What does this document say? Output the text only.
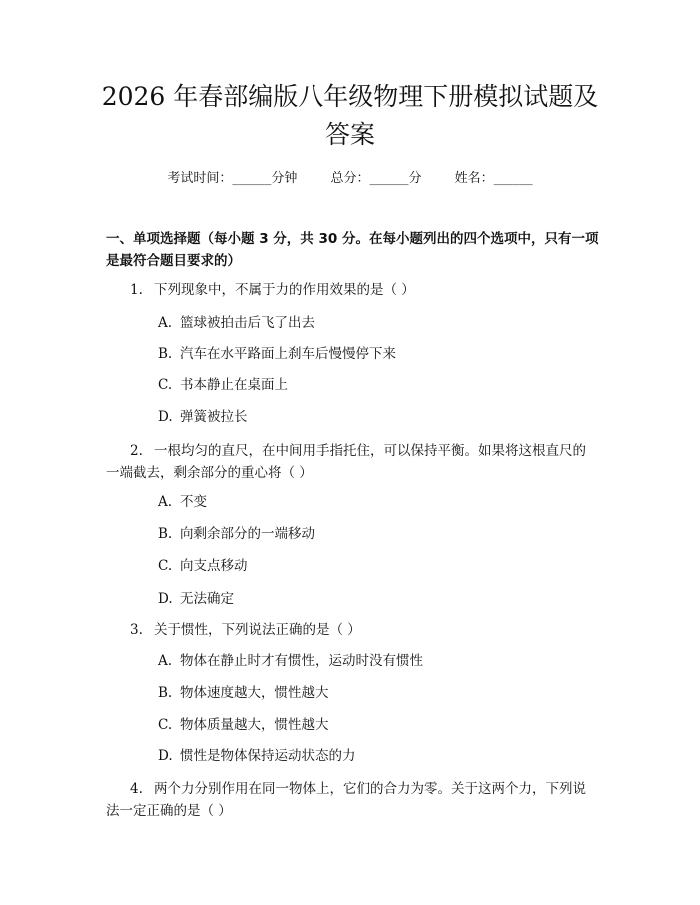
2026 年春部编版八年级物理下册模拟试题及
答案
考试时间：______分钟	总分：______分	姓名：______
一、单项选择题（每小题 3 分，共 30 分。在每小题列出的四个选项中，只有一项
是最符合题目要求的）
1. 下列现象中，不属于力的作用效果的是（ ）
A. 篮球被拍击后飞了出去
B. 汽车在水平路面上刹车后慢慢停下来
C. 书本静止在桌面上
D. 弹簧被拉长
2. 一根均匀的直尺，在中间用手指托住，可以保持平衡。如果将这根直尺的
一端截去，剩余部分的重心将（ ）
A. 不变
B. 向剩余部分的一端移动
C. 向支点移动
D. 无法确定
3. 关于惯性，下列说法正确的是（ ）
A. 物体在静止时才有惯性，运动时没有惯性
B. 物体速度越大，惯性越大
C. 物体质量越大，惯性越大
D. 惯性是物体保持运动状态的力
4. 两个力分别作用在同一物体上，它们的合力为零。关于这两个力，下列说
法一定正确的是（ ）
